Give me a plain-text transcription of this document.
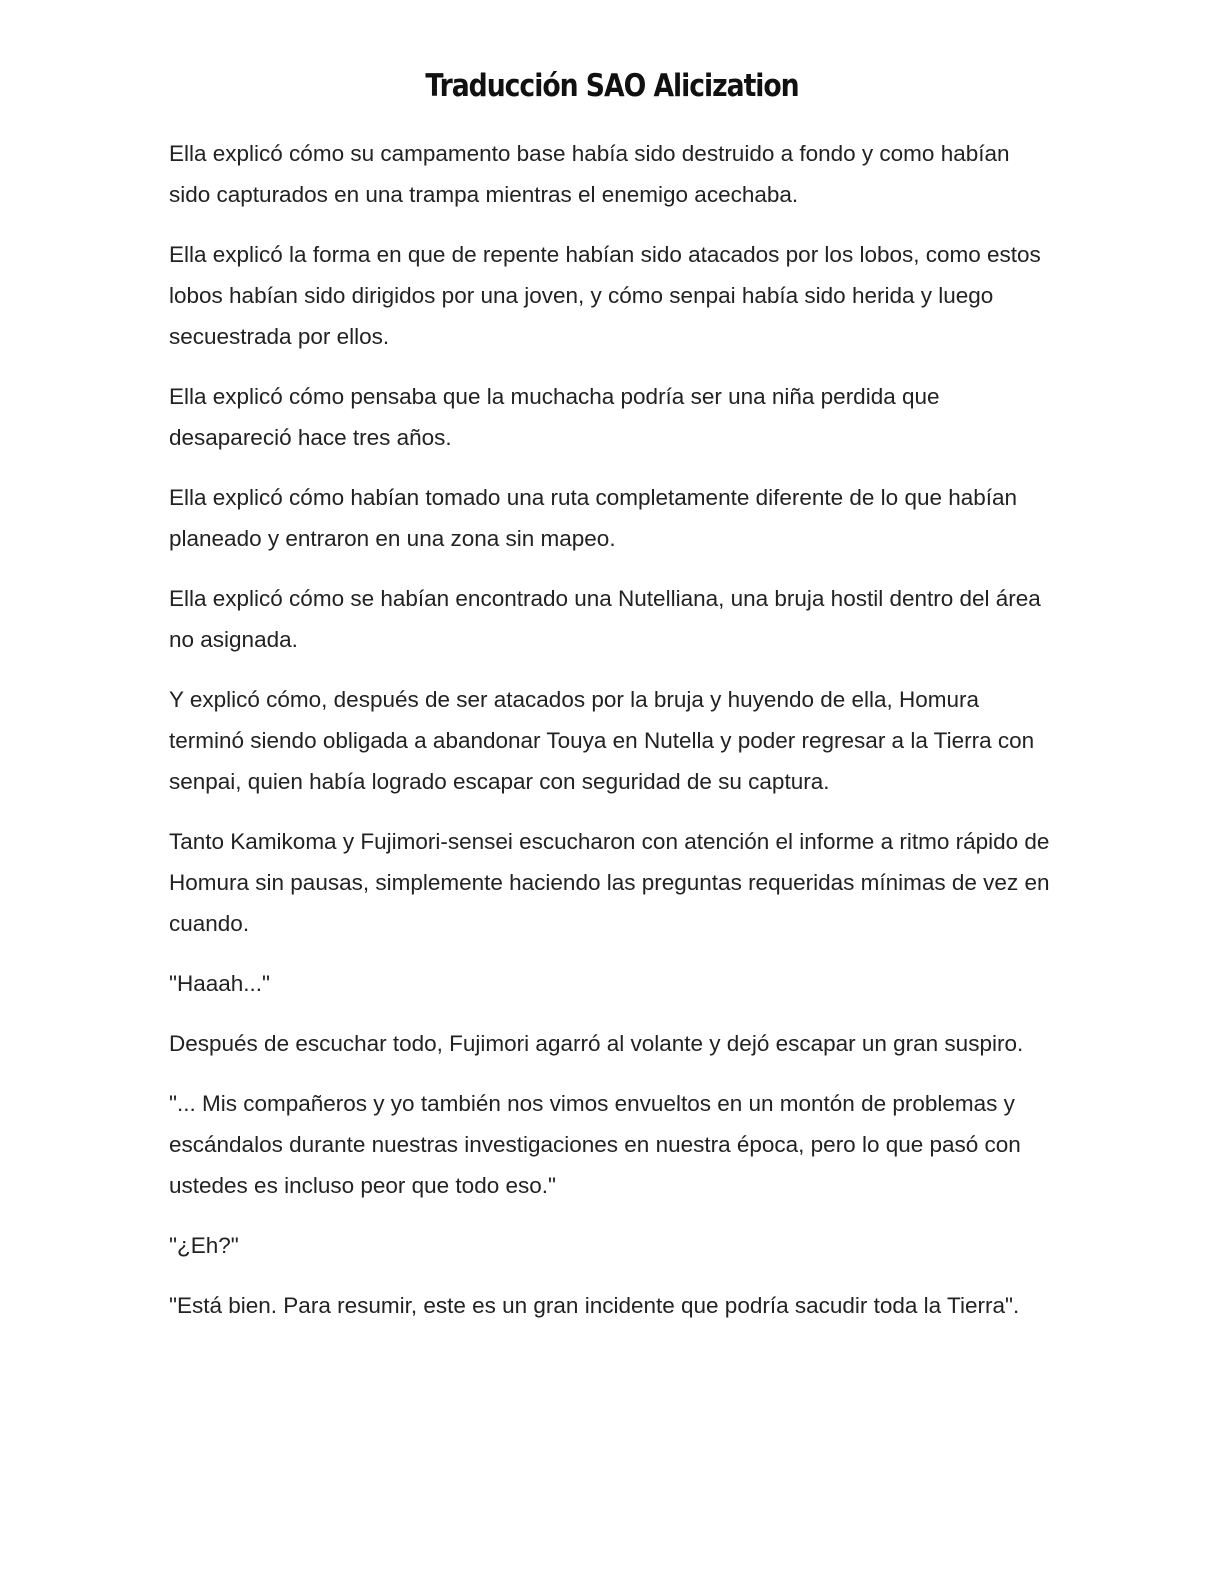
Traducción SAO Alicization

Ella explicó cómo su campamento base había sido destruido a fondo y como habían sido capturados en una trampa mientras el enemigo acechaba.

Ella explicó la forma en que de repente habían sido atacados por los lobos, como estos lobos habían sido dirigidos por una joven, y cómo senpai había sido herida y luego secuestrada por ellos.

Ella explicó cómo pensaba que la muchacha podría ser una niña perdida que desapareció hace tres años.

Ella explicó cómo habían tomado una ruta completamente diferente de lo que habían planeado y entraron en una zona sin mapeo.

Ella explicó cómo se habían encontrado una Nutelliana, una bruja hostil dentro del área no asignada.

Y explicó cómo, después de ser atacados por la bruja y huyendo de ella, Homura terminó siendo obligada a abandonar Touya en Nutella y poder regresar a la Tierra con senpai, quien había logrado escapar con seguridad de su captura.

Tanto Kamikoma y Fujimori-sensei escucharon con atención el informe a ritmo rápido de Homura sin pausas, simplemente haciendo las preguntas requeridas mínimas de vez en cuando.

"Haaah..."

Después de escuchar todo, Fujimori agarró al volante y dejó escapar un gran suspiro.

"... Mis compañeros y yo también nos vimos envueltos en un montón de problemas y escándalos durante nuestras investigaciones en nuestra época, pero lo que pasó con ustedes es incluso peor que todo eso."

"¿Eh?"

"Está bien. Para resumir, este es un gran incidente que podría sacudir toda la Tierra".
